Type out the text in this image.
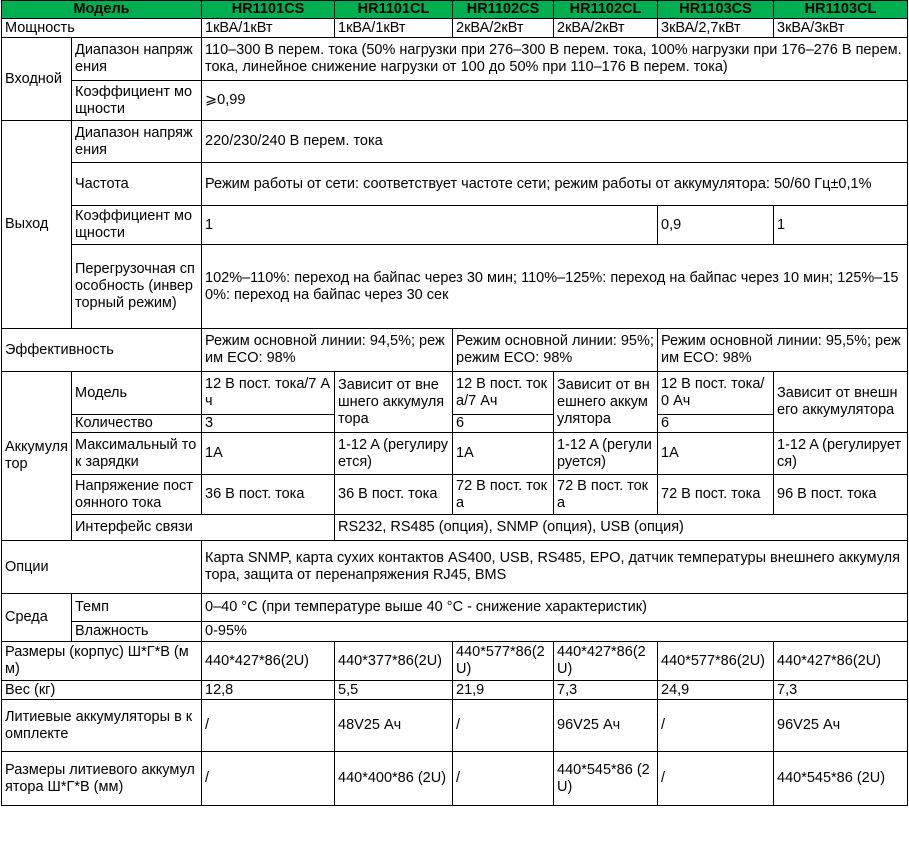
Модель		HR1101CS	HR1101CL	HR1102CS	HR1102CL	HR1103CS	HR1103CL
Мощность		1кВА/1кВт	1кВА/1кВт	2кВА/2кВт	2кВА/2кВт	3кВА/2,7кВт	3кВА/3кВт
Входной	Диапазон напряжения	110–300 В перем. тока (50% нагрузки при 276–300 В перем. тока, 100% нагрузки при 176–276 В перем. тока, линейное снижение нагрузки от 100 до 50% при 110–176 В перем. тока)					
	Коэффициент мощности	⩾0,99					
Выход	Диапазон напряжения	220/230/240 В перем. тока					
	Частота	Режим работы от сети: соответствует частоте сети; режим работы от аккумулятора: 50/60 Гц±0,1%					
	Коэффициент мощности	1				0,9	1
	Перегрузочная способность (инверторный режим)	102%–110%: переход на байпас через 30 мин; 110%–125%: переход на байпас через 10 мин; 125%–150%: переход на байпас через 30 сек					
Эффективность		Режим основной линии: 94,5%; режим ECO: 98%		Режим основной линии: 95%; режим ECO: 98%		Режим основной линии: 95,5%; режим ECO: 98%	
Аккумулятор	Модель	12 В пост. тока/7 Ач	Зависит от внешнего аккумулятора	12 В пост. тока/7 Ач	Зависит от внешнего аккумулятора	12 В пост. тока/0 Ач	Зависит от внешнего аккумулятора
	Количество	3		6		6	
	Максимальный ток зарядки	1A	1-12 A (регулируется)	1A	1-12 A (регулируется)	1A	1-12 A (регулируется)
	Напряжение постоянного тока	36 В пост. тока	36 В пост. тока	72 В пост. тока	72 В пост. тока	72 В пост. тока	96 В пост. тока
	Интерфейс связи		RS232, RS485 (опция), SNMP (опция), USB (опция)				
Опции		Карта SNMP, карта сухих контактов AS400, USB, RS485, EPO, датчик температуры внешнего аккумулятора, защита от перенапряжения RJ45, BMS					
Среда	Темп	0–40 °C (при температуре выше 40 °C - снижение характеристик)					
	Влажность	0-95%					
Размеры (корпус) Ш*Г*В (мм)		440*427*86(2U)	440*377*86(2U)	440*577*86(2U)	440*427*86(2U)	440*577*86(2U)	440*427*86(2U)
Вес (кг)		12,8	5,5	21,9	7,3	24,9	7,3
Литиевые аккумуляторы в комплекте		/	48V25 Ач	/	96V25 Ач	/	96V25 Ач
Размеры литиевого аккумулятора Ш*Г*В (мм)		/	440*400*86 (2U)	/	440*545*86 (2U)	/	440*545*86 (2U)
